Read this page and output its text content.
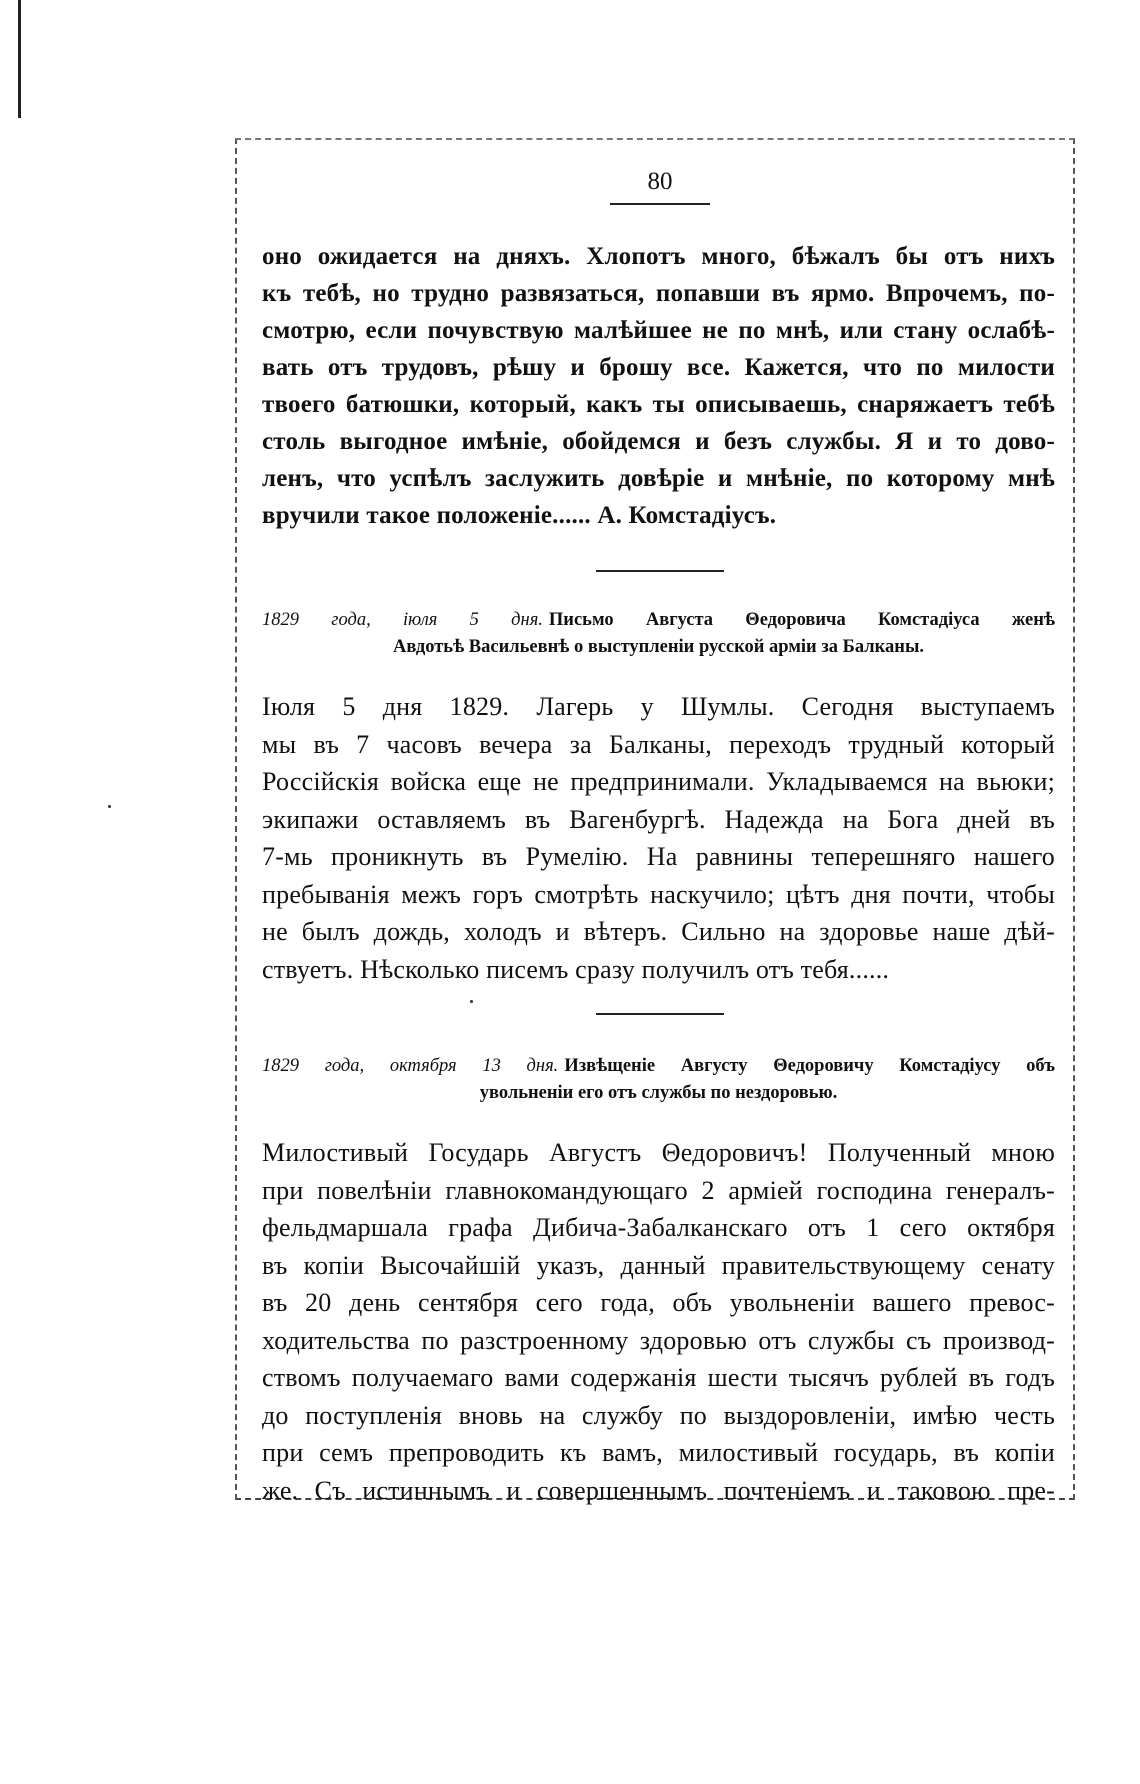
80
оно ожидается на дняхъ. Хлопотъ много, бѣжалъ бы отъ нихъ
къ тебѣ, но трудно развязаться, попавши въ ярмо. Впрочемъ, по-
смотрю, если почувствую малѣйшее не по мнѣ, или стану ослабѣ-
вать отъ трудовъ, рѣшу и брошу все. Кажется, что по милости
твоего батюшки, который, какъ ты описываешь, снаряжаетъ тебѣ
столь выгодное имѣніе, обойдемся и безъ службы. Я и то дово-
ленъ, что успѣлъ заслужить довѣріе и мнѣніе, по которому мнѣ
вручили такое положеніе...... А. Комстадіусъ.
1829 года, іюля 5 дня. Письмо Августа Θедоровича Комстадіуса женѣ
Авдотьѣ Васильевнѣ о выступленіи русской арміи за Балканы.
Іюля 5 дня 1829. Лагерь у Шумлы. Сегодня выступаемъ
мы въ 7 часовъ вечера за Балканы, переходъ трудный который
Россійскія войска еще не предпринимали. Укладываемся на вьюки;
экипажи оставляемъ въ Вагенбургѣ. Надежда на Бога дней въ
7-мь проникнуть въ Румелію. На равнины теперешняго нашего
пребыванія межъ горъ смотрѣть наскучило; цѣтъ дня почти, чтобы
не былъ дождь, холодъ и вѣтеръ. Сильно на здоровье наше дѣй-
ствуетъ. Нѣсколько писемъ сразу получилъ отъ тебя......
1829 года, октября 13 дня. Извѣщеніе Августу Θедоровичу Комстадіусу объ
увольненіи его отъ службы по нездоровью.
Милостивый Государь Августъ Θедоровичъ! Полученный мною
при повелѣніи главнокомандующаго 2 арміей господина генералъ-
фельдмаршала графа Дибича-Забалканскаго отъ 1 сего октября
въ копіи Высочайшій указъ, данный правительствующему сенату
въ 20 день сентября сего года, объ увольненіи вашего превос-
ходительства по разстроенному здоровью отъ службы съ производ-
ствомъ получаемаго вами содержанія шести тысячъ рублей въ годъ
до поступленія вновь на службу по выздоровленіи, имѣю честь
при семъ препроводить къ вамъ, милостивый государь, въ копіи
же. Съ истиннымъ и совершеннымъ почтеніемъ и таковою пре-
